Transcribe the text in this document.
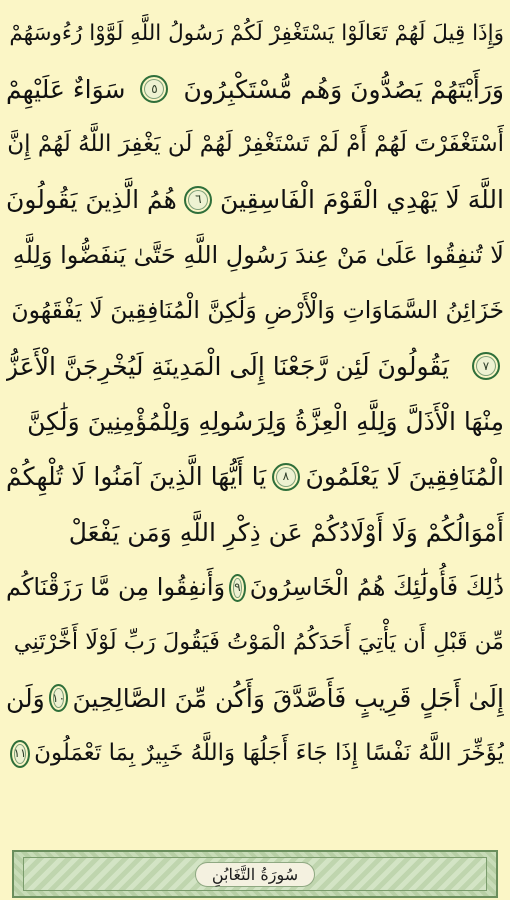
وَإِذَا قِيلَ لَهُمْ تَعَالَوْا يَسْتَغْفِرْ لَكُمْ رَسُولُ اللَّهِ لَوَّوْا رُءُوسَهُمْ
وَرَأَيْتَهُمْ يَصُدُّونَ وَهُم مُّسْتَكْبِرُونَ
٥
سَوَاءٌ عَلَيْهِمْ
أَسْتَغْفَرْتَ لَهُمْ أَمْ لَمْ تَسْتَغْفِرْ لَهُمْ لَن يَغْفِرَ اللَّهُ لَهُمْ إِنَّ
اللَّهَ لَا يَهْدِي الْقَوْمَ الْفَاسِقِينَ
٦
هُمُ الَّذِينَ يَقُولُونَ
لَا تُنفِقُوا عَلَىٰ مَنْ عِندَ رَسُولِ اللَّهِ حَتَّىٰ يَنفَضُّوا وَلِلَّهِ
خَزَائِنُ السَّمَاوَاتِ وَالْأَرْضِ وَلَٰكِنَّ الْمُنَافِقِينَ لَا يَفْقَهُونَ
٧
يَقُولُونَ لَئِن رَّجَعْنَا إِلَى الْمَدِينَةِ لَيُخْرِجَنَّ الْأَعَزُّ
مِنْهَا الْأَذَلَّ وَلِلَّهِ الْعِزَّةُ وَلِرَسُولِهِ وَلِلْمُؤْمِنِينَ وَلَٰكِنَّ
الْمُنَافِقِينَ لَا يَعْلَمُونَ
٨
يَا أَيُّهَا الَّذِينَ آمَنُوا لَا تُلْهِكُمْ
أَمْوَالُكُمْ وَلَا أَوْلَادُكُمْ عَن ذِكْرِ اللَّهِ وَمَن يَفْعَلْ
ذَٰلِكَ فَأُولَٰئِكَ هُمُ الْخَاسِرُونَ
٩
وَأَنفِقُوا مِن مَّا رَزَقْنَاكُم
مِّن قَبْلِ أَن يَأْتِيَ أَحَدَكُمُ الْمَوْتُ فَيَقُولَ رَبِّ لَوْلَا أَخَّرْتَنِي
إِلَىٰ أَجَلٍ قَرِيبٍ فَأَصَّدَّقَ وَأَكُن مِّنَ الصَّالِحِينَ
١٠
وَلَن
يُؤَخِّرَ اللَّهُ نَفْسًا إِذَا جَاءَ أَجَلُهَا وَاللَّهُ خَبِيرٌ بِمَا تَعْمَلُونَ
١١
سُورَةُ التَّغَابُنِ
